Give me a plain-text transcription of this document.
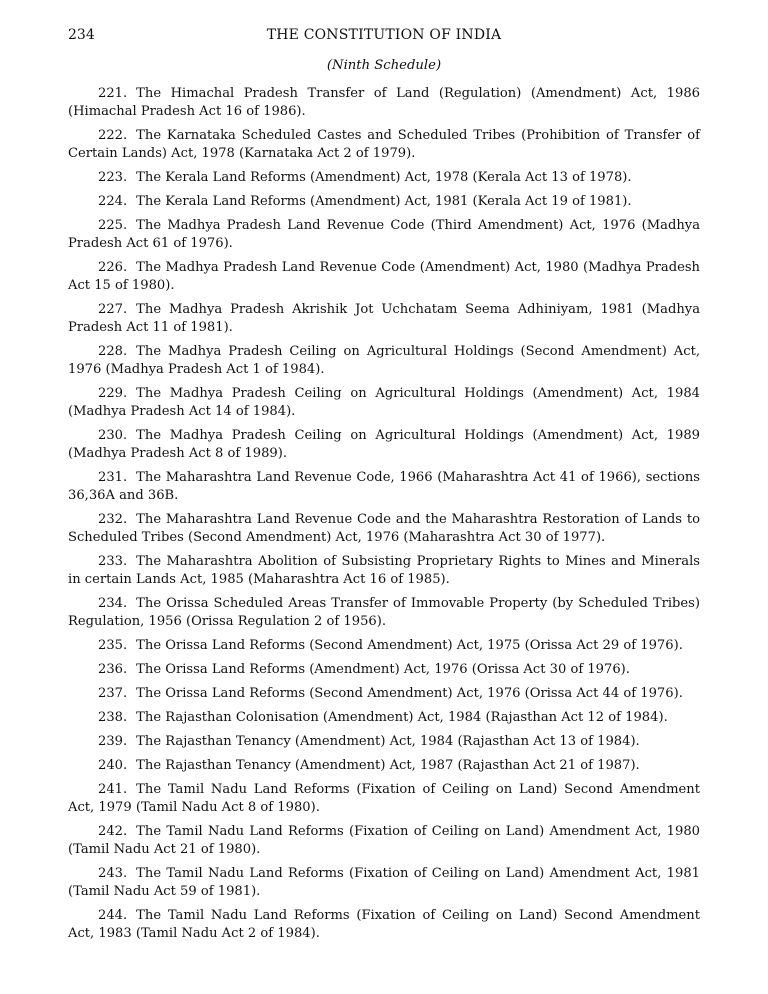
234	THE CONSTITUTION OF INDIA
(Ninth Schedule)

221. The Himachal Pradesh Transfer of Land (Regulation) (Amendment) Act, 1986 (Himachal Pradesh Act 16 of 1986).

222. The Karnataka Scheduled Castes and Scheduled Tribes (Prohibition of Transfer of Certain Lands) Act, 1978 (Karnataka Act 2 of 1979).

223. The Kerala Land Reforms (Amendment) Act, 1978 (Kerala Act 13 of 1978).

224. The Kerala Land Reforms (Amendment) Act, 1981 (Kerala Act 19 of 1981).

225. The Madhya Pradesh Land Revenue Code (Third Amendment) Act, 1976 (Madhya Pradesh Act 61 of 1976).

226. The Madhya Pradesh Land Revenue Code (Amendment) Act, 1980 (Madhya Pradesh Act 15 of 1980).

227. The Madhya Pradesh Akrishik Jot Uchchatam Seema Adhiniyam, 1981 (Madhya Pradesh Act 11 of 1981).

228. The Madhya Pradesh Ceiling on Agricultural Holdings (Second Amendment) Act, 1976 (Madhya Pradesh Act 1 of 1984).

229. The Madhya Pradesh Ceiling on Agricultural Holdings (Amendment) Act, 1984 (Madhya Pradesh Act 14 of 1984).

230. The Madhya Pradesh Ceiling on Agricultural Holdings (Amendment) Act, 1989 (Madhya Pradesh Act 8 of 1989).

231. The Maharashtra Land Revenue Code, 1966 (Maharashtra Act 41 of 1966), sections 36,36A and 36B.

232. The Maharashtra Land Revenue Code and the Maharashtra Restoration of Lands to Scheduled Tribes (Second Amendment) Act, 1976 (Maharashtra Act 30 of 1977).

233. The Maharashtra Abolition of Subsisting Proprietary Rights to Mines and Minerals in certain Lands Act, 1985 (Maharashtra Act 16 of 1985).

234. The Orissa Scheduled Areas Transfer of Immovable Property (by Scheduled Tribes) Regulation, 1956 (Orissa Regulation 2 of 1956).

235. The Orissa Land Reforms (Second Amendment) Act, 1975 (Orissa Act 29 of 1976).

236. The Orissa Land Reforms (Amendment) Act, 1976 (Orissa Act 30 of 1976).

237. The Orissa Land Reforms (Second Amendment) Act, 1976 (Orissa Act 44 of 1976).

238. The Rajasthan Colonisation (Amendment) Act, 1984 (Rajasthan Act 12 of 1984).

239. The Rajasthan Tenancy (Amendment) Act, 1984 (Rajasthan Act 13 of 1984).

240. The Rajasthan Tenancy (Amendment) Act, 1987 (Rajasthan Act 21 of 1987).

241. The Tamil Nadu Land Reforms (Fixation of Ceiling on Land) Second Amendment Act, 1979 (Tamil Nadu Act 8 of 1980).

242. The Tamil Nadu Land Reforms (Fixation of Ceiling on Land) Amendment Act, 1980 (Tamil Nadu Act 21 of 1980).

243. The Tamil Nadu Land Reforms (Fixation of Ceiling on Land) Amendment Act, 1981 (Tamil Nadu Act 59 of 1981).

244. The Tamil Nadu Land Reforms (Fixation of Ceiling on Land) Second Amendment Act, 1983 (Tamil Nadu Act 2 of 1984).
